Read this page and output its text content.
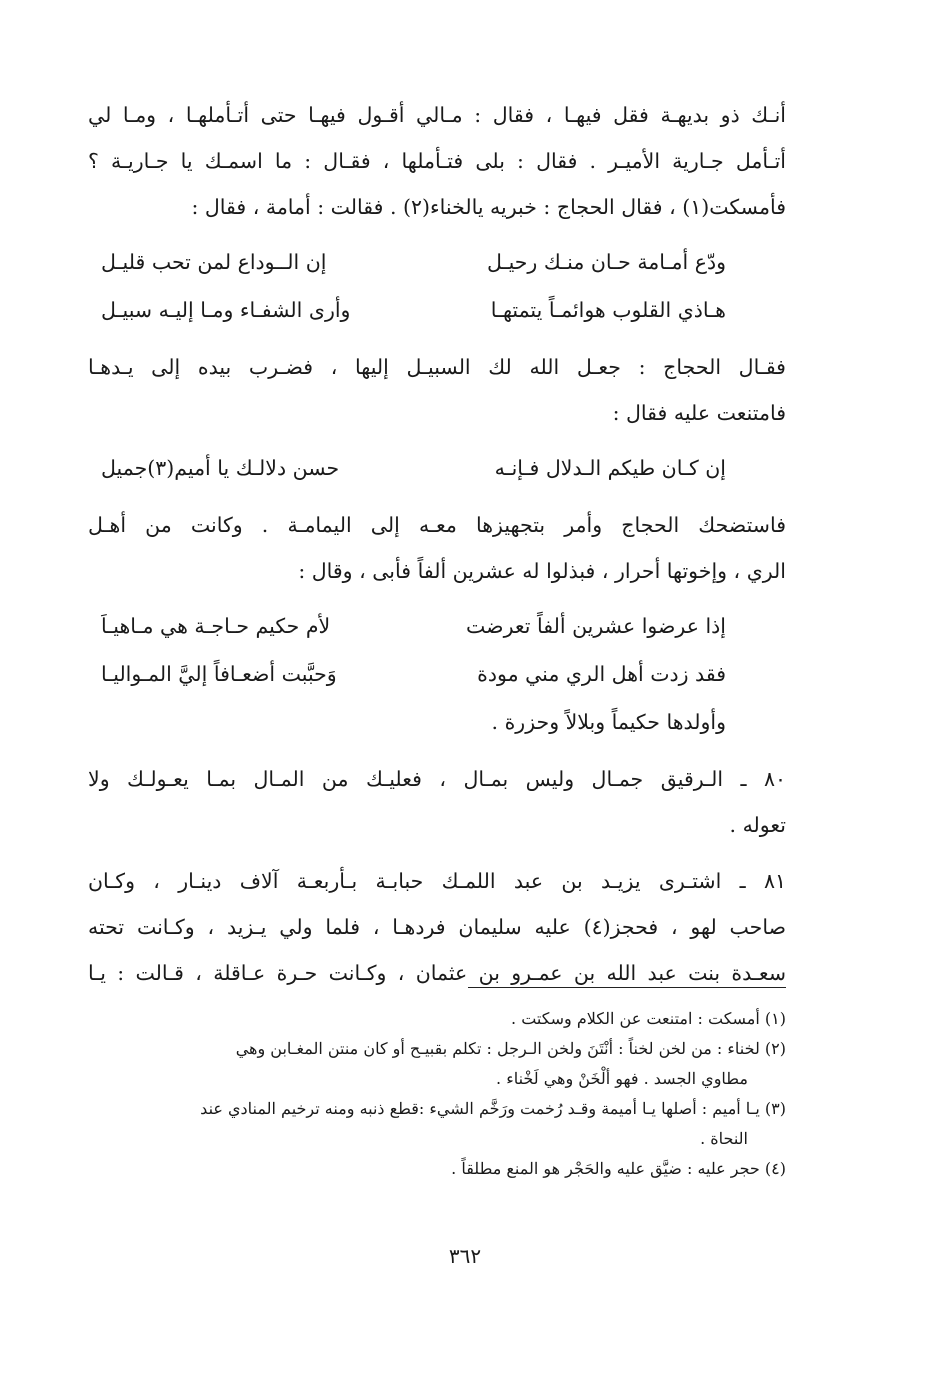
أنـك ذو بديهـة فقل فيهـا ، فقال : مـالي أقـول فيهـا حتى أتـأملهـا ، ومـا لي
أتـأمل جـارية الأميـر . فقال : بلى فتـأملها ، فقـال : ما اسمـك يا جـاريـة ؟
فأمسكت(١) ، فقال الحجاج : خبريه يالخناء(٢) . فقالت : أمامة ، فقال :
ودّع أمـامة حـان منـك رحيـل
إن الــوداع لمن تحب قليـل
هـاذي القلوب هوائمـاً يتمتهـا
وأرى الشفـاء ومـا إليـه سبيـل
فقـال الحجاج : جعـل الله لك السبيـل إليها ، فضـرب بيده إلى يـدهـا
فامتنعت عليه فقال :
إن كـان طيكم الـدلال فـإنـه
حسن دلالـك يا أميم(٣)جميل
فاستضحك الحجاج وأمر بتجهيزها معـه إلى اليمامـة . وكانت من أهـل
الري ، وإخوتها أحرار ، فبذلوا له عشرين ألفاً فأبى ، وقال :
إذا عرضوا عشرين ألفاً تعرضت
لأم حكيم حـاجـة هي مـاهيـاَ
فقد زدت أهل الري مني مودة
وَحبَّبت أضعـافاً إليَّ المـواليـا
وأولدها حكيماً وبلالاً وحزرة .
٨٠ ـ الـرقيق جمـال وليس بمـال ، فعليـك من المـال بمـا يعـولـك ولا
تعوله .
٨١ ـ اشتـرى يزيـد بن عبد اللمـك حبابـة بـأربعـة آلاف دينـار ، وكـان
صاحب لهو ، فحجز(٤) عليه سليمان فردهـا ، فلما ولي يـزيد ، وكـانت تحته
سعـدة بنت عبد الله بن عمـرو بن عثمان ، وكـانت حـرة عـاقلة ، قـالت : يـا

(١) أمسكت : امتنعت عن الكلام وسكتت .

(٢) لخناء : من لخن لخناً : أنْتَنَ ولخن الـرجل : تكلم بقبيـح أو كان منتن المغـابن وهي
مطاوي الجسد . فهو ألْخَنْ وهي لَخْناء .

(٣) يـا أميم : أصلها يـا أميمة وقـد رُخمت ورَخَّم الشيء :قطع ذنبه ومنه ترخيم المنادي عند
النحاة .

(٤) حجر عليه : ضيَّق عليه والحَجْر هو المنع مطلقاً .

٣٦٢
